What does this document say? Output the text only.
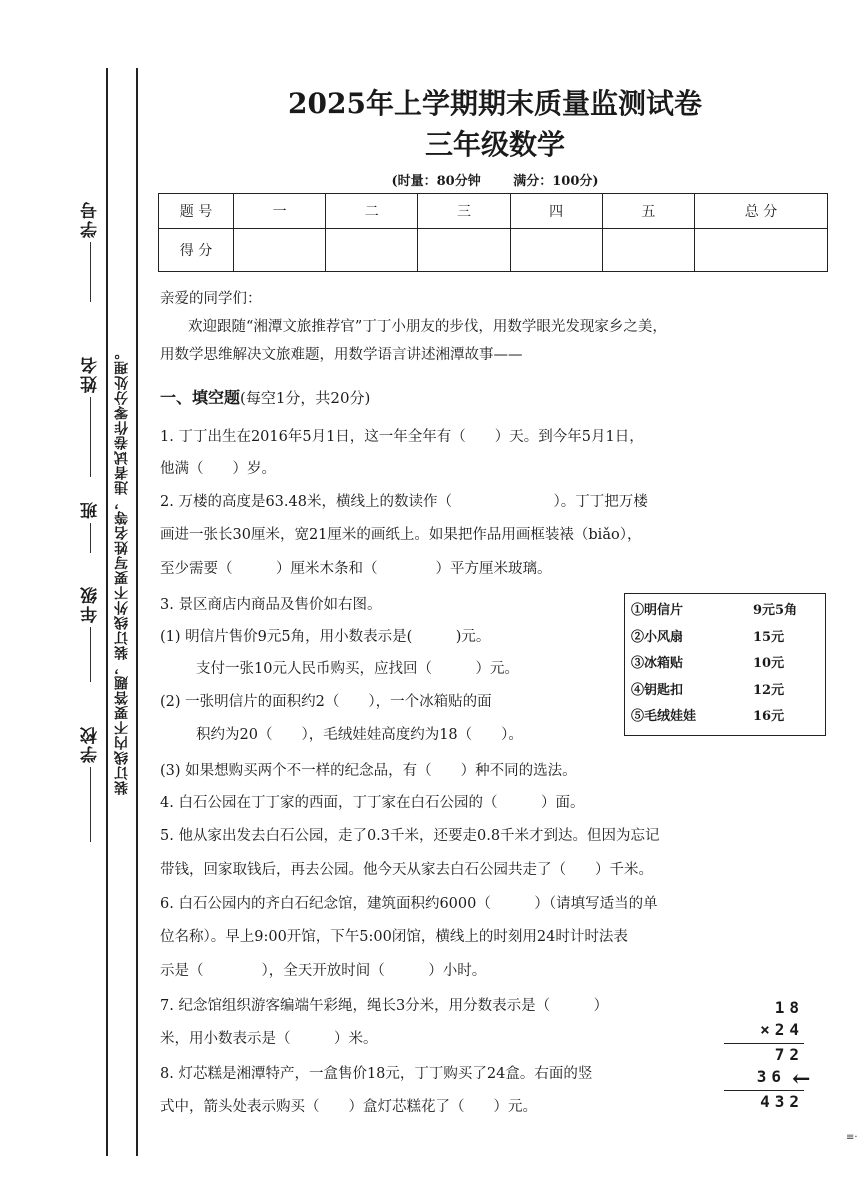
学号
姓名
班
年级
学校 装订线内不要答题，装订线外不要写姓名等，违者试卷作零分处理。
2025年上学期期末质量监测试卷
三年级数学
(时量：80分钟	满分：100分)
题 号	一	二	三	四	五	总 分
得 分						
亲爱的同学们：
欢迎跟随“湘潭文旅推荐官”丁丁小朋友的步伐，用数学眼光发现家乡之美，
用数学思维解决文旅难题，用数学语言讲述湘潭故事——
一、填空题(每空1分，共20分)
1. 丁丁出生在2016年5月1日，这一年全年有（　　）天。到今年5月1日，
他满（　　）岁。
2. 万楼的高度是63.48米，横线上的数读作（　　　　　　　）。丁丁把万楼
画进一张长30厘米，宽21厘米的画纸上。如果把作品用画框装裱（biǎo），
至少需要（　　　）厘米木条和（　　　　）平方厘米玻璃。
3. 景区商店内商品及售价如右图。
(1) 明信片售价9元5角，用小数表示是(　　　)元。
支付一张10元人民币购买，应找回（　　　）元。
(2) 一张明信片的面积约2（　　），一个冰箱贴的面
积约为20（　　），毛绒娃娃高度约为18（　　）。
(3) 如果想购买两个不一样的纪念品，有（　　）种不同的选法。
①明信片	9元5角
②小风扇	15元
③冰箱贴	10元
④钥匙扣	12元
⑤毛绒娃娃	16元
4. 白石公园在丁丁家的西面，丁丁家在白石公园的（　　　）面。
5. 他从家出发去白石公园，走了0.3千米，还要走0.8千米才到达。但因为忘记
带钱，回家取钱后，再去公园。他今天从家去白石公园共走了（　　）千米。
6. 白石公园内的齐白石纪念馆，建筑面积约6000（　　　）（请填写适当的单
位名称）。早上9:00开馆，下午5:00闭馆，横线上的时刻用24时计时法表
示是（　　　　），全天开放时间（　　　）小时。
7. 纪念馆组织游客编端午彩绳，绳长3分米，用分数表示是（　　　）
米，用小数表示是（　　　）米。
8. 灯芯糕是湘潭特产，一盒售价18元，丁丁购买了24盒。右面的竖
式中，箭头处表示购买（　　）盒灯芯糕花了（　　）元。
18
×24
72
36
432
←
≡·
